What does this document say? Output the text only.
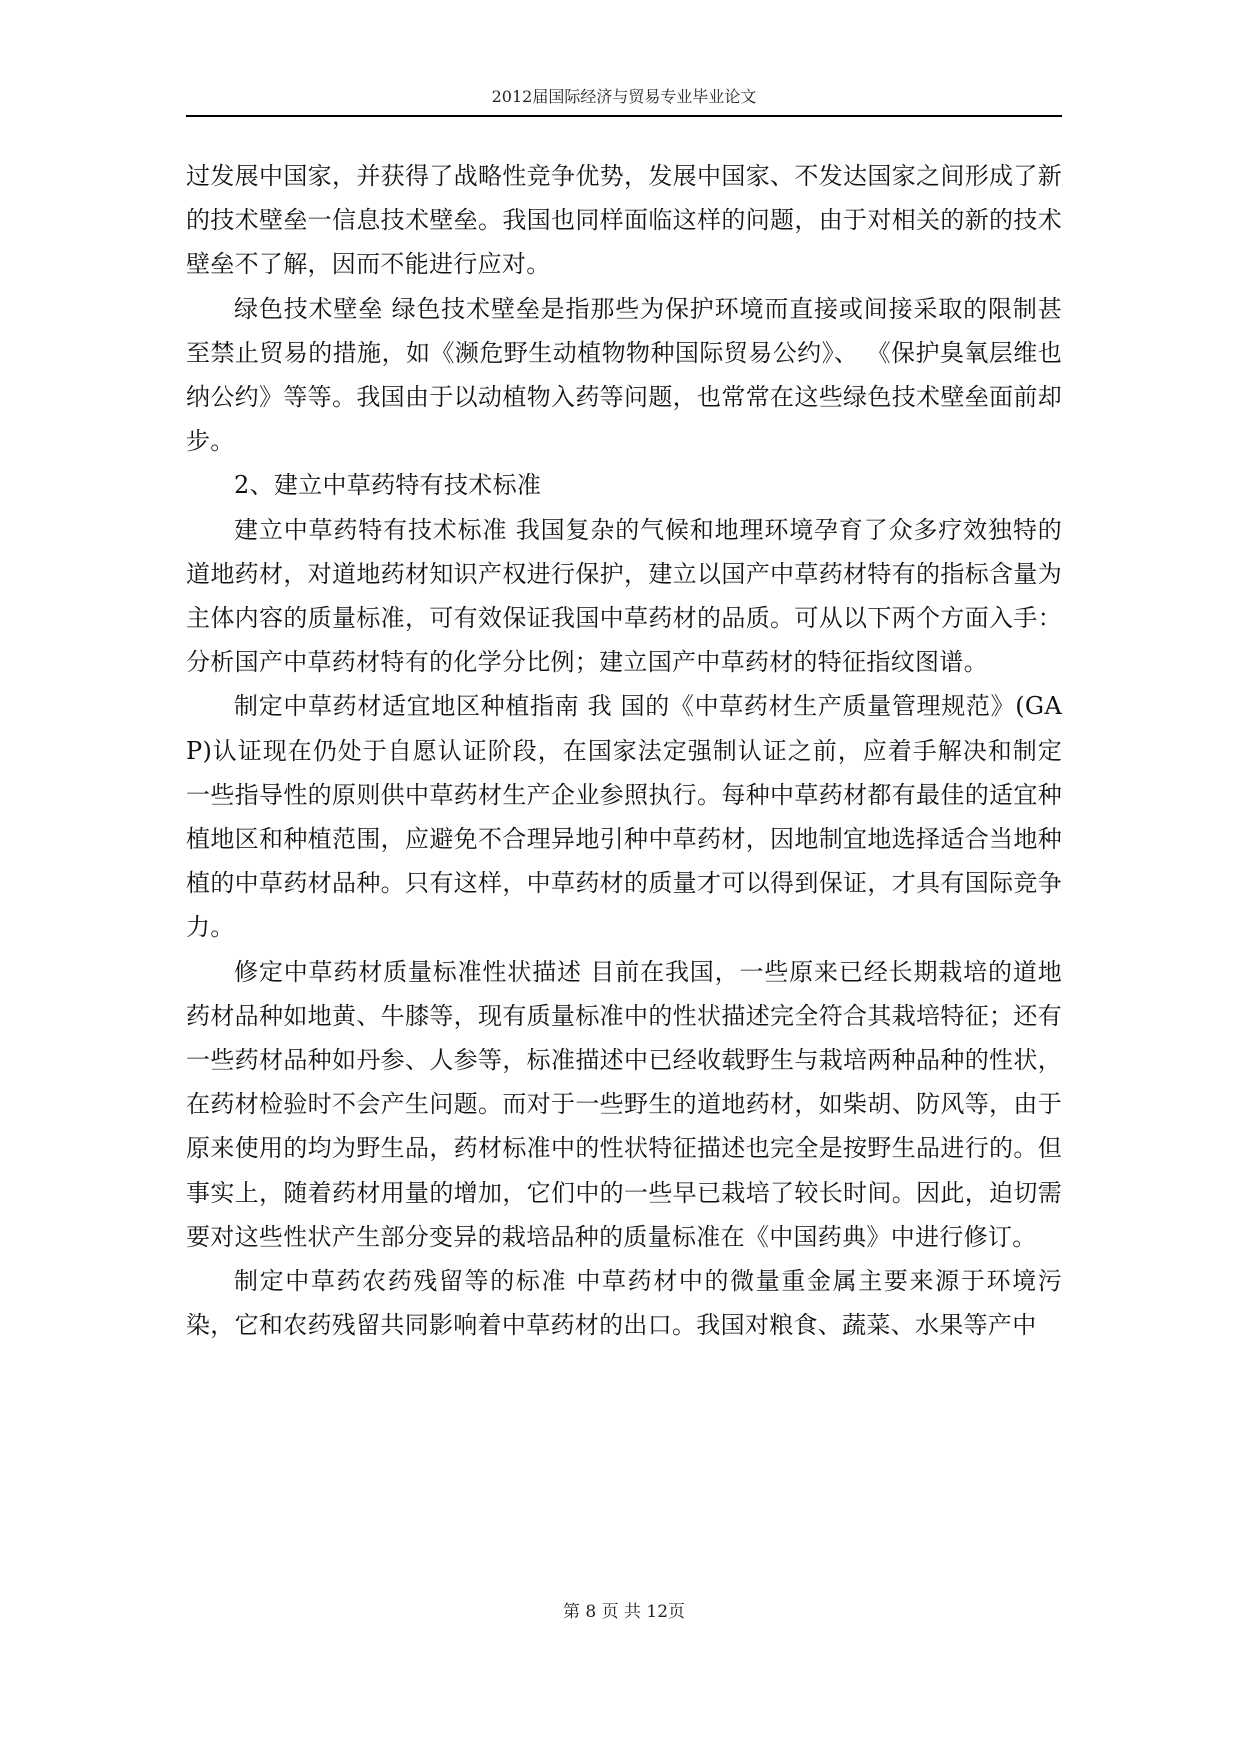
2012届国际经济与贸易专业毕业论文

过发展中国家，并获得了战略性竞争优势，发展中国家、不发达国家之间形成了新的技术壁垒一信息技术壁垒。我国也同样面临这样的问题，由于对相关的新的技术壁垒不了解，因而不能进行应对。

绿色技术壁垒 绿色技术壁垒是指那些为保护环境而直接或间接采取的限制甚至禁止贸易的措施，如《濒危野生动植物物种国际贸易公约》、 《保护臭氧层维也纳公约》等等。我国由于以动植物入药等问题，也常常在这些绿色技术壁垒面前却步。

2、建立中草药特有技术标准

建立中草药特有技术标准 我国复杂的气候和地理环境孕育了众多疗效独特的道地药材，对道地药材知识产权进行保护，建立以国产中草药材特有的指标含量为主体内容的质量标准，可有效保证我国中草药材的品质。可从以下两个方面入手：分析国产中草药材特有的化学分比例；建立国产中草药材的特征指纹图谱。

制定中草药材适宜地区种植指南 我 国的《中草药材生产质量管理规范》(GAP)认证现在仍处于自愿认证阶段，在国家法定强制认证之前，应着手解决和制定一些指导性的原则供中草药材生产企业参照执行。每种中草药材都有最佳的适宜种植地区和种植范围，应避免不合理异地引种中草药材，因地制宜地选择适合当地种植的中草药材品种。只有这样，中草药材的质量才可以得到保证，才具有国际竞争力。

修定中草药材质量标准性状描述 目前在我国，一些原来已经长期栽培的道地药材品种如地黄、牛膝等，现有质量标准中的性状描述完全符合其栽培特征；还有一些药材品种如丹参、人参等，标准描述中已经收载野生与栽培两种品种的性状，在药材检验时不会产生问题。而对于一些野生的道地药材，如柴胡、防风等，由于原来使用的均为野生品，药材标准中的性状特征描述也完全是按野生品进行的。但事实上，随着药材用量的增加，它们中的一些早已栽培了较长时间。因此，迫切需要对这些性状产生部分变异的栽培品种的质量标准在《中国药典》中进行修订。

制定中草药农药残留等的标准 中草药材中的微量重金属主要来源于环境污染，它和农药残留共同影响着中草药材的出口。我国对粮食、蔬菜、水果等产中

第 8 页 共 12页
